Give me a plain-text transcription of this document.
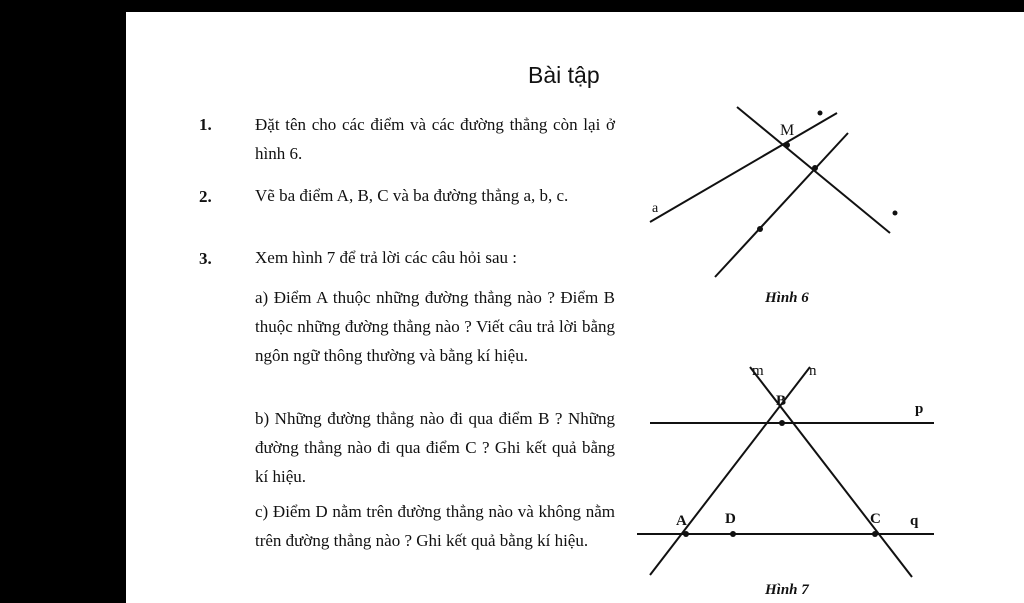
Bài tập
1.	Đặt tên cho các điểm và các đường thẳng còn lại ở hình 6.
2.	Vẽ ba điểm A, B, C và ba đường thẳng a, b, c.
3.	Xem hình 7 để trả lời các câu hỏi sau :
a) Điểm A thuộc những đường thẳng nào ? Điểm B thuộc những đường thẳng nào ? Viết câu trả lời bằng ngôn ngữ thông thường và bằng kí hiệu.
b) Những đường thẳng nào đi qua điểm B ? Những đường thẳng nào đi qua điểm C ? Ghi kết quả bằng kí hiệu.
c) Điểm D nằm trên đường thẳng nào và không nằm trên đường thẳng nào ? Ghi kết quả bằng kí hiệu.
M
a
Hình 6
m	n
B	p
A	D	C q
Hình 7
